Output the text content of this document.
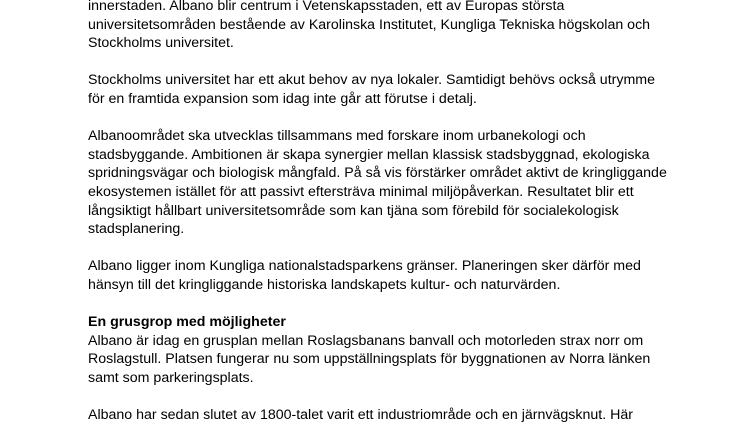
innerstaden. Albano blir centrum i Vetenskapsstaden, ett av Europas största
universitetsområden bestående av Karolinska Institutet, Kungliga Tekniska högskolan och
Stockholms universitet.
Stockholms universitet har ett akut behov av nya lokaler. Samtidigt behövs också utrymme
för en framtida expansion som idag inte går att förutse i detalj.
Albanoområdet ska utvecklas tillsammans med forskare inom urbanekologi och
stadsbyggande. Ambitionen är skapa synergier mellan klassisk stadsbyggnad, ekologiska
spridningsvägar och biologisk mångfald. På så vis förstärker området aktivt de kringliggande
ekosystemen istället för att passivt eftersträva minimal miljöpåverkan. Resultatet blir ett
långsiktigt hållbart universitetsområde som kan tjäna som förebild för socialekologisk
stadsplanering.
Albano ligger inom Kungliga nationalstadsparkens gränser. Planeringen sker därför med
hänsyn till det kringliggande historiska landskapets kultur- och naturvärden.
En grusgrop med möjligheter
Albano är idag en grusplan mellan Roslagsbanans banvall och motorleden strax norr om
Roslagstull. Platsen fungerar nu som uppställningsplats för byggnationen av Norra länken
samt som parkeringsplats.
Albano har sedan slutet av 1800-talet varit ett industriområde och en järnvägsknut. Här
